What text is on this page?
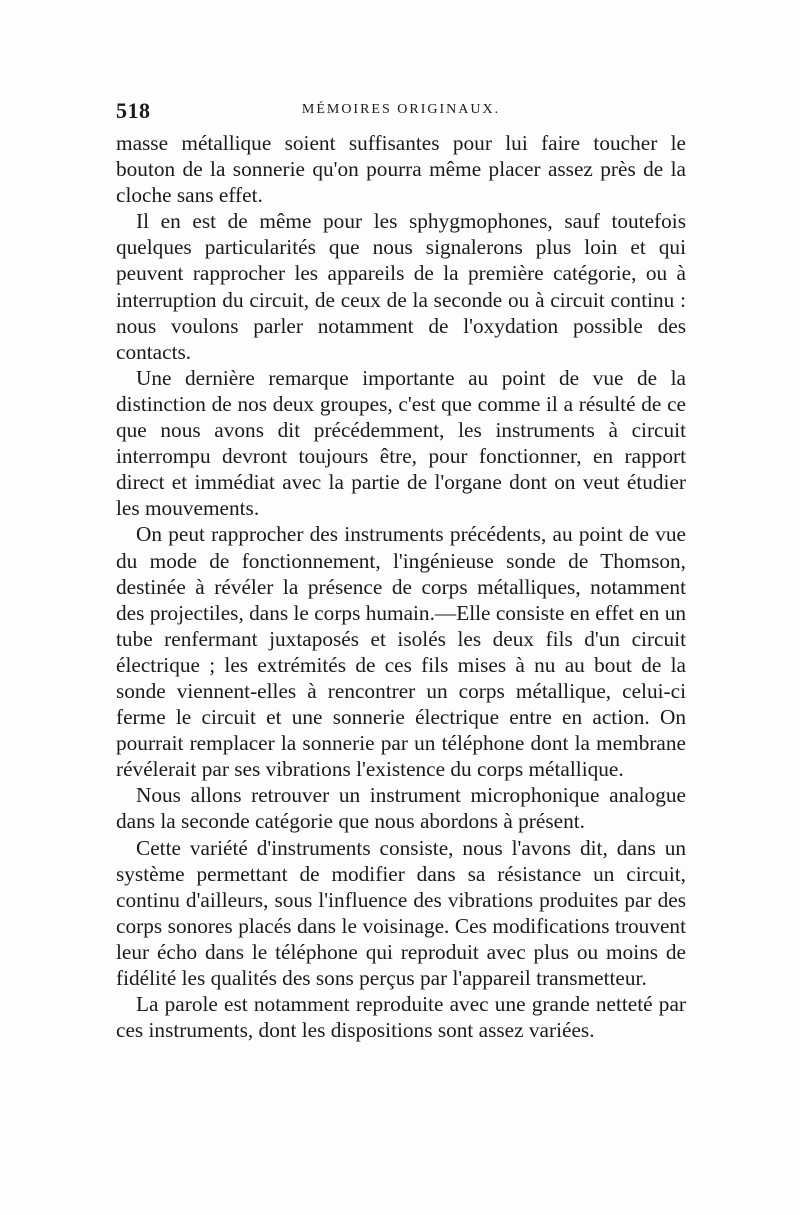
518	MÉMOIRES ORIGINAUX.

masse métallique soient suffisantes pour lui faire toucher le bouton de la sonnerie qu'on pourra même placer assez près de la cloche sans effet.

Il en est de même pour les sphygmophones, sauf toutefois quelques particularités que nous signalerons plus loin et qui peuvent rapprocher les appareils de la première catégorie, ou à interruption du circuit, de ceux de la seconde ou à circuit continu : nous voulons parler notamment de l'oxydation possible des contacts.

Une dernière remarque importante au point de vue de la distinction de nos deux groupes, c'est que comme il a résulté de ce que nous avons dit précédemment, les instruments à circuit interrompu devront toujours être, pour fonctionner, en rapport direct et immédiat avec la partie de l'organe dont on veut étudier les mouvements.

On peut rapprocher des instruments précédents, au point de vue du mode de fonctionnement, l'ingénieuse sonde de Thomson, destinée à révéler la présence de corps métalliques, notamment des projectiles, dans le corps humain.—Elle consiste en effet en un tube renfermant juxtaposés et isolés les deux fils d'un circuit électrique ; les extrémités de ces fils mises à nu au bout de la sonde viennent-elles à rencontrer un corps métallique, celui-ci ferme le circuit et une sonnerie électrique entre en action. On pourrait remplacer la sonnerie par un téléphone dont la membrane révélerait par ses vibrations l'existence du corps métallique.

Nous allons retrouver un instrument microphonique analogue dans la seconde catégorie que nous abordons à présent.

Cette variété d'instruments consiste, nous l'avons dit, dans un système permettant de modifier dans sa résistance un circuit, continu d'ailleurs, sous l'influence des vibrations produites par des corps sonores placés dans le voisinage. Ces modifications trouvent leur écho dans le téléphone qui reproduit avec plus ou moins de fidélité les qualités des sons perçus par l'appareil transmetteur.

La parole est notamment reproduite avec une grande netteté par ces instruments, dont les dispositions sont assez variées.
